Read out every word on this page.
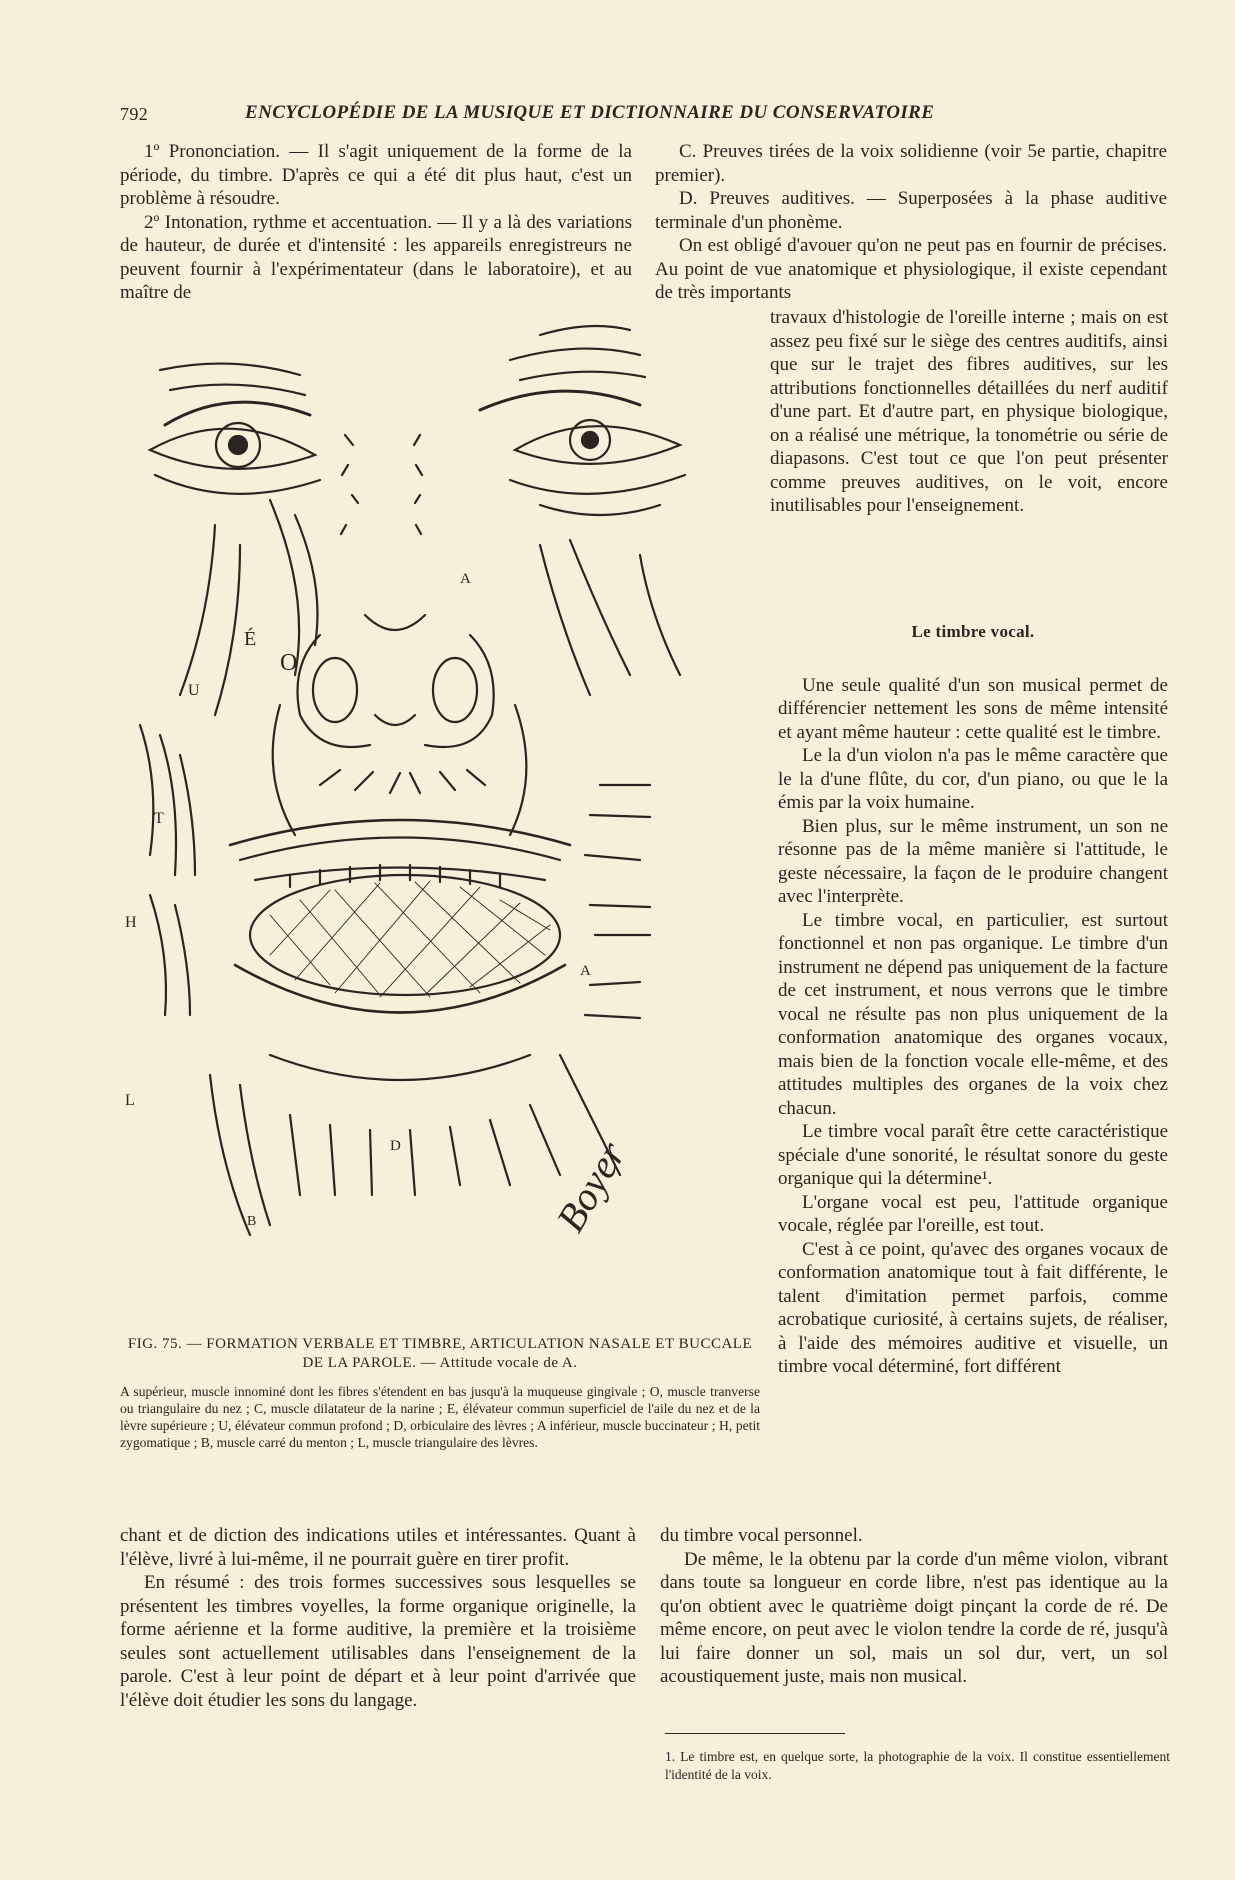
792	ENCYCLOPÉDIE DE LA MUSIQUE ET DICTIONNAIRE DU CONSERVATOIRE

1º Prononciation. — Il s'agit uniquement de la forme de la période, du timbre. D'après ce qui a été dit plus haut, c'est un problème à résoudre.

2º Intonation, rythme et accentuation. — Il y a là des variations de hauteur, de durée et d'intensité : les appareils enregistreurs ne peuvent fournir à l'expérimentateur (dans le laboratoire), et au maître de

C. Preuves tirées de la voix solidienne (voir 5e partie, chapitre premier).

D. Preuves auditives. — Superposées à la phase auditive terminale d'un phonème.

On est obligé d'avouer qu'on ne peut pas en fournir de précises. Au point de vue anatomique et physiologique, il existe cependant de très importants

travaux d'histologie de l'oreille interne ; mais on est assez peu fixé sur le siège des centres auditifs, ainsi que sur le trajet des fibres auditives, sur les attributions fonctionnelles détaillées du nerf auditif d'une part. Et d'autre part, en physique biologique, on a réalisé une métrique, la tonométrie ou série de diapasons. C'est tout ce que l'on peut présenter comme preuves auditives, on le voit, encore inutilisables pour l'enseignement.

Le timbre vocal.

Une seule qualité d'un son musical permet de différencier nettement les sons de même intensité et ayant même hauteur : cette qualité est le timbre.

Le la d'un violon n'a pas le même caractère que le la d'une flûte, du cor, d'un piano, ou que le la émis par la voix humaine.

Bien plus, sur le même instrument, un son ne résonne pas de la même manière si l'attitude, le geste nécessaire, la façon de le produire changent avec l'interprète.

Le timbre vocal, en particulier, est surtout fonctionnel et non pas organique. Le timbre d'un instrument ne dépend pas uniquement de la facture de cet instrument, et nous verrons que le timbre vocal ne résulte pas non plus uniquement de la conformation anatomique des organes vocaux, mais bien de la fonction vocale elle-même, et des attitudes multiples des organes de la voix chez chacun.

Le timbre vocal paraît être cette caractéristique spéciale d'une sonorité, le résultat sonore du geste organique qui la détermine¹.

L'organe vocal est peu, l'attitude organique vocale, réglée par l'oreille, est tout.

C'est à ce point, qu'avec des organes vocaux de conformation anatomique tout à fait différente, le talent d'imitation permet parfois, comme acrobatique curiosité, à certains sujets, de réaliser, à l'aide des mémoires auditive et visuelle, un timbre vocal déterminé, fort différent

du timbre vocal personnel.

De même, le la obtenu par la corde d'un même violon, vibrant dans toute sa longueur en corde libre, n'est pas identique au la qu'on obtient avec le quatrième doigt pinçant la corde de ré. De même encore, on peut avec le violon tendre la corde de ré, jusqu'à lui faire donner un sol, mais un sol dur, vert, un sol acoustiquement juste, mais non musical.

chant et de diction des indications utiles et intéressantes. Quant à l'élève, livré à lui-même, il ne pourrait guère en tirer profit.

En résumé : des trois formes successives sous lesquelles se présentent les timbres voyelles, la forme organique originelle, la forme aérienne et la forme auditive, la première et la troisième seules sont actuellement utilisables dans l'enseignement de la parole. C'est à leur point de départ et à leur point d'arrivée que l'élève doit étudier les sons du langage.

É
O
U
T
H
A
A
D
B
L
Boyer
FIG. 75. — FORMATION VERBALE ET TIMBRE, ARTICULATION NASALE ET BUCCALE DE LA PAROLE. — Attitude vocale de A.
A supérieur, muscle innominé dont les fibres s'étendent en bas jusqu'à la muqueuse gingivale ; O, muscle tranverse ou triangulaire du nez ; C, muscle dilatateur de la narine ; E, élévateur commun superficiel de l'aile du nez et de la lèvre supérieure ; U, élévateur commun profond ; D, orbiculaire des lèvres ; A inférieur, muscle buccinateur ; H, petit zygomatique ; B, muscle carré du menton ; L, muscle triangulaire des lèvres.
1. Le timbre est, en quelque sorte, la photographie de la voix. Il constitue essentiellement l'identité de la voix.
